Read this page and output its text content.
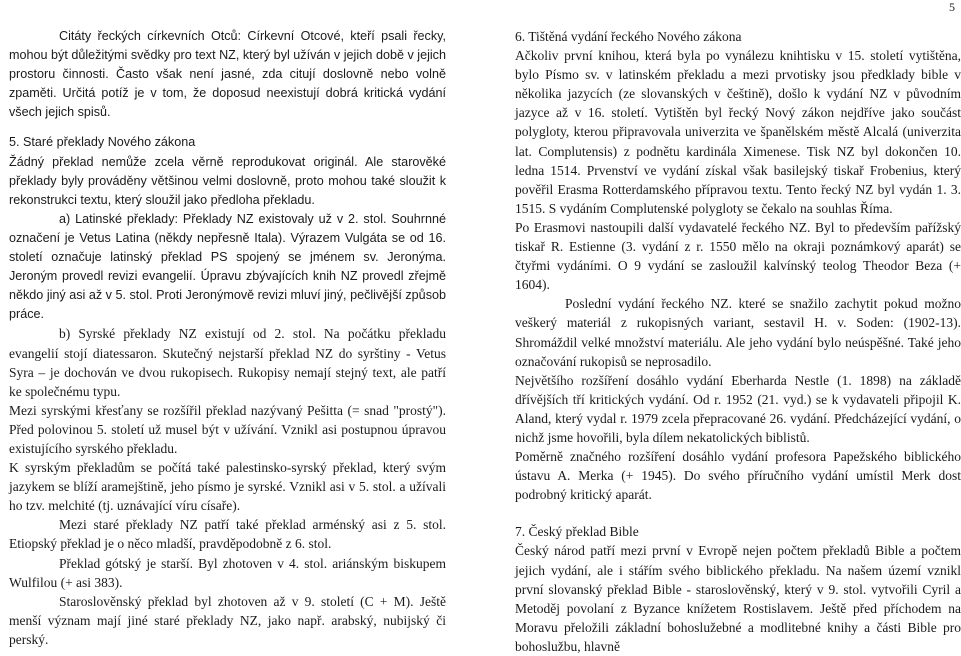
5

Citáty řeckých církevních Otců: Církevní Otcové, kteří psali řecky, mohou být důležitými svědky pro text NZ, který byl užíván v jejich době v jejich prostoru činnosti. Často však není jasné, zda citují doslovně nebo volně zpaměti. Určitá potíž je v tom, že doposud neexistují dobrá kritická vydání všech jejich spisů.

5. Staré překlady Nového zákona

Žádný překlad nemůže zcela věrně reprodukovat originál. Ale starověké překlady byly prováděny většinou velmi doslovně, proto mohou také sloužit k rekonstrukci textu, který sloužil jako předloha překladu.

a) Latinské překlady: Překlady NZ existovaly už v 2. stol. Souhrnné označení je Vetus Latina (někdy nepřesně Itala). Výrazem Vulgáta se od 16. století označuje latinský překlad PS spojený se jménem sv. Jeronýma. Jeroným provedl revizi evangelií. Úpravu zbývajících knih NZ provedl zřejmě někdo jiný asi až v 5. stol. Proti Jeronýmově revizi mluví jiný, pečlivější způsob práce.

b) Syrské překlady NZ existují od 2. stol. Na počátku překladu evangelií stojí diatessaron. Skutečný nejstarší překlad NZ do syrštiny - Vetus Syra – je dochován ve dvou rukopisech. Rukopisy nemají stejný text, ale patří ke společnému typu.

Mezi syrskými křesťany se rozšířil překlad nazývaný Pešitta (= snad "prostý"). Před polovinou 5. století už musel být v užívání. Vznikl asi postupnou úpravou existujícího syrského překladu.

K syrským překladům se počítá také palestinsko-syrský překlad, který svým jazykem se blíží aramejštině, jeho písmo je syrské. Vznikl asi v 5. stol. a užívali ho tzv. melchité (tj. uznávající víru císaře).

Mezi staré překlady NZ patří také překlad arménský asi z 5. stol. Etiopský překlad je o něco mladší, pravděpodobně z 6. stol.

Překlad gótský je starší. Byl zhotoven v 4. stol. ariánským biskupem Wulfilou (+ asi 383).

Staroslověnský překlad byl zhotoven až v 9. století (C + M). Ještě menší význam mají jiné staré překlady NZ, jako např. arabský, nubijský či perský.

6. Tištěná vydání řeckého Nového zákona

Ačkoliv první knihou, která byla po vynálezu knihtisku v 15. století vytištěna, bylo Písmo sv. v latinském překladu a mezi prvotisky jsou předklady bible v několika jazycích (ze slovanských v češtině), došlo k vydání NZ v původním jazyce až v 16. století. Vytištěn byl řecký Nový zákon nejdříve jako součást polygloty, kterou připravovala univerzita ve španělském městě Alcalá (univerzita lat. Complutensis) z podnětu kardinála Ximenese. Tisk NZ byl dokončen 10. ledna 1514. Prvenství ve vydání získal však basilejský tiskař Frobenius, který pověřil Erasma Rotterdamského přípravou textu. Tento řecký NZ byl vydán 1. 3. 1515. S vydáním Complutenské polygloty se čekalo na souhlas Říma.

Po Erasmovi nastoupili další vydavatelé řeckého NZ. Byl to především pařížský tiskař R. Estienne (3. vydání z r. 1550 mělo na okraji poznámkový aparát) se čtyřmi vydáními. O 9 vydání se zasloužil kalvínský teolog Theodor Beza (+ 1604).

Poslední vydání řeckého NZ. které se snažilo zachytit pokud možno veškerý materiál z rukopisných variant, sestavil H. v. Soden: (1902-13). Shromáždil velké množství materiálu. Ale jeho vydání bylo neúspěšné. Také jeho označování rukopisů se neprosadilo.

Největšího rozšíření dosáhlo vydání Eberharda Nestle (1. 1898) na základě dřívějších tří kritických vydání. Od r. 1952 (21. vyd.) se k vydavateli připojil K. Aland, který vydal r. 1979 zcela přepracované 26. vydání. Předcházející vydání, o nichž jsme hovořili, byla dílem nekatolických biblistů.

Poměrně značného rozšíření dosáhlo vydání profesora Papežského biblického ústavu A. Merka (+ 1945). Do svého příručního vydání umístil Merk dost podrobný kritický aparát.

7. Český překlad Bible

Český národ patří mezi první v Evropě nejen počtem překladů Bible a počtem jejich vydání, ale i stářím svého biblického překladu. Na našem území vznikl první slovanský překlad Bible - staroslověnský, který v 9. stol. vytvořili Cyril a Metoděj povolaní z Byzance knížetem Rostislavem. Ještě před příchodem na Moravu přeložili základní bohoslužebné a modlitebné knihy a části Bible pro bohoslužbu, hlavně
